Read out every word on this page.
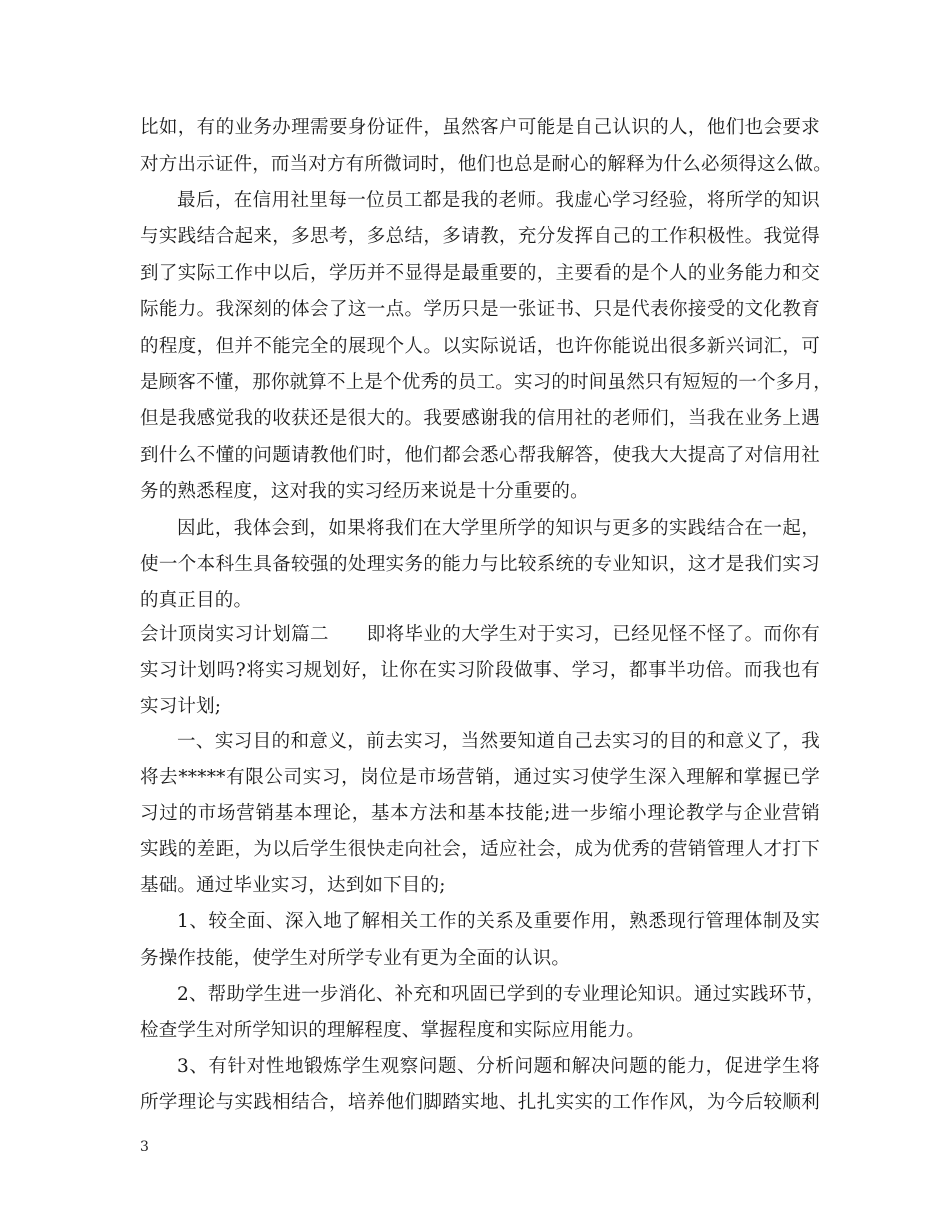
比如，有的业务办理需要身份证件，虽然客户可能是自己认识的人，他们也会要求
对方出示证件，而当对方有所微词时，他们也总是耐心的解释为什么必须得这么做。
最后，在信用社里每一位员工都是我的老师。我虚心学习经验，将所学的知识
与实践结合起来，多思考，多总结，多请教，充分发挥自己的工作积极性。我觉得
到了实际工作中以后，学历并不显得是最重要的，主要看的是个人的业务能力和交
际能力。我深刻的体会了这一点。学历只是一张证书、只是代表你接受的文化教育
的程度，但并不能完全的展现个人。以实际说话，也许你能说出很多新兴词汇，可
是顾客不懂，那你就算不上是个优秀的员工。实习的时间虽然只有短短的一个多月，
但是我感觉我的收获还是很大的。我要感谢我的信用社的老师们，当我在业务上遇
到什么不懂的问题请教他们时，他们都会悉心帮我解答，使我大大提高了对信用社
务的熟悉程度，这对我的实习经历来说是十分重要的。
因此，我体会到，如果将我们在大学里所学的知识与更多的实践结合在一起，
使一个本科生具备较强的处理实务的能力与比较系统的专业知识，这才是我们实习
的真正目的。
会计顶岗实习计划篇二　　即将毕业的大学生对于实习，已经见怪不怪了。而你有
实习计划吗?将实习规划好，让你在实习阶段做事、学习，都事半功倍。而我也有
实习计划;
一、实习目的和意义，前去实习，当然要知道自己去实习的目的和意义了，我
将去*****有限公司实习，岗位是市场营销，通过实习使学生深入理解和掌握已学
习过的市场营销基本理论，基本方法和基本技能;进一步缩小理论教学与企业营销
实践的差距，为以后学生很快走向社会，适应社会，成为优秀的营销管理人才打下
基础。通过毕业实习，达到如下目的;
1、较全面、深入地了解相关工作的关系及重要作用，熟悉现行管理体制及实
务操作技能，使学生对所学专业有更为全面的认识。
2、帮助学生进一步消化、补充和巩固已学到的专业理论知识。通过实践环节，
检查学生对所学知识的理解程度、掌握程度和实际应用能力。
3、有针对性地锻炼学生观察问题、分析问题和解决问题的能力，促进学生将
所学理论与实践相结合，培养他们脚踏实地、扎扎实实的工作作风，为今后较顺利
3
